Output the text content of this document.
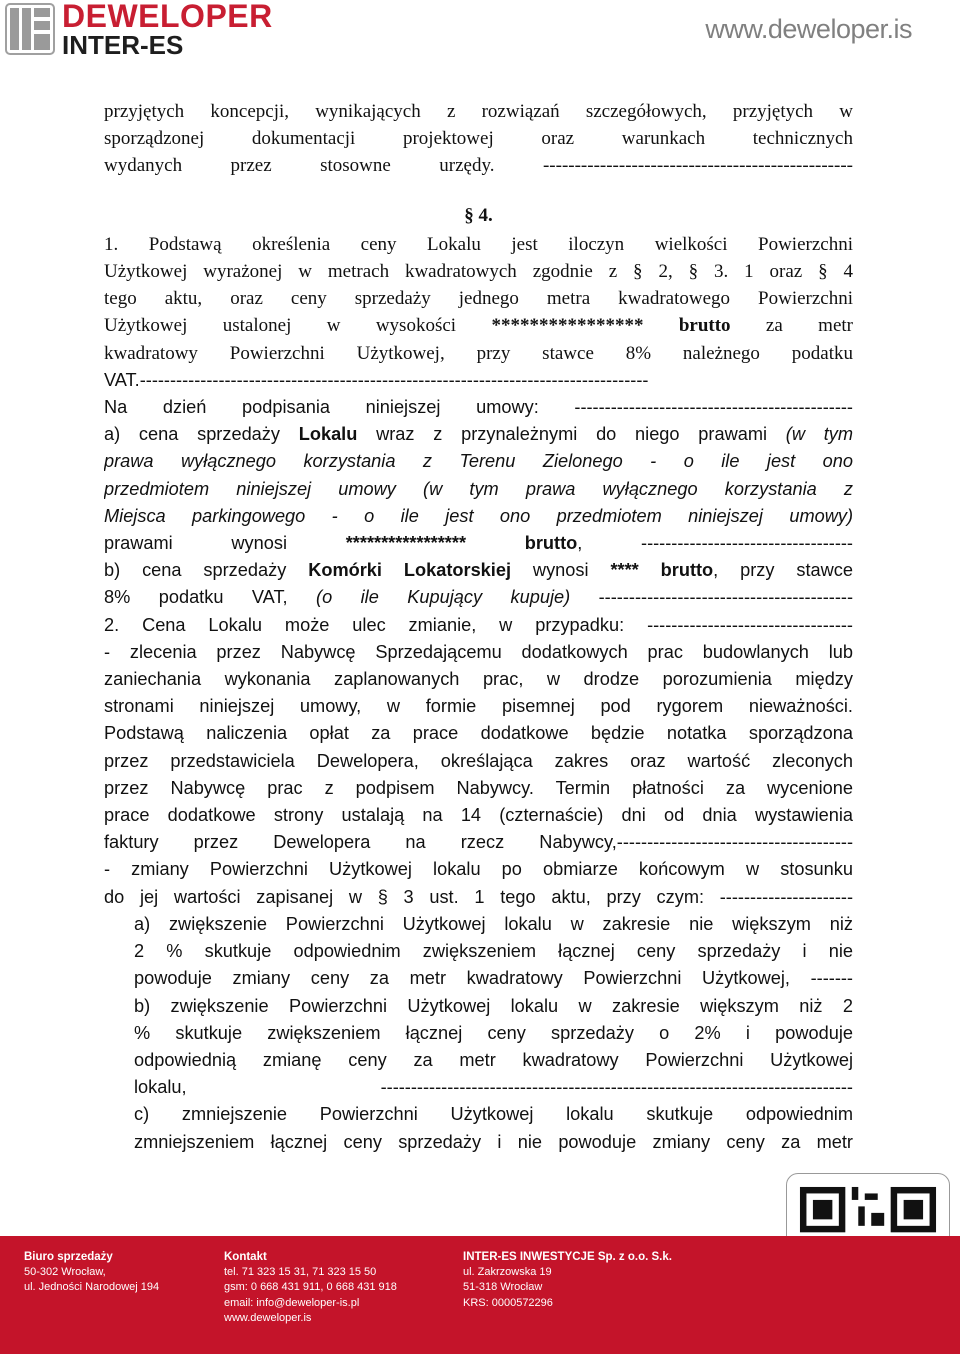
DEWELOPER
INTER-ES
www.deweloper.is

przyjętych koncepcji, wynikających z rozwiązań szczegółowych, przyjętych w

sporządzonej dokumentacji projektowej oraz warunkach technicznych

wydanych przez stosowne urzędy. -------------------------------------------------

§ 4.

1. Podstawą określenia ceny Lokalu jest iloczyn wielkości Powierzchni

Użytkowej wyrażonej w metrach kwadratowych zgodnie z § 2, § 3. 1 oraz § 4

tego aktu, oraz ceny sprzedaży jednego metra kwadratowego Powierzchni

Użytkowej ustalonej w wysokości **************** brutto za metr

kwadratowy Powierzchni Użytkowej, przy stawce 8% należnego podatku

VAT.------------------------------------------------------------------------------------

Na dzień podpisania niniejszej umowy: ----------------------------------------------

a) cena sprzedaży Lokalu wraz z przynależnymi do niego prawami (w tym

prawa wyłącznego korzystania z Terenu Zielonego - o ile jest ono

przedmiotem niniejszej umowy (w tym prawa wyłącznego korzystania z

Miejsca parkingowego - o ile jest ono przedmiotem niniejszej umowy)

prawami wynosi ***************** brutto, -----------------------------------

b) cena sprzedaży Komórki Lokatorskiej wynosi **** brutto, przy stawce

8% podatku VAT, (o ile Kupujący kupuje) ------------------------------------------

2. Cena Lokalu może ulec zmianie, w przypadku: ----------------------------------

- zlecenia przez Nabywcę Sprzedającemu dodatkowych prac budowlanych lub

zaniechania wykonania zaplanowanych prac, w drodze porozumienia między

stronami niniejszej umowy, w formie pisemnej pod rygorem nieważności.

Podstawą naliczenia opłat za prace dodatkowe będzie notatka sporządzona

przez przedstawiciela Dewelopera, określająca zakres oraz wartość zleconych

przez Nabywcę prac z podpisem Nabywcy. Termin płatności za wycenione

prace dodatkowe strony ustalają na 14 (czternaście) dni od dnia wystawienia

faktury przez Dewelopera na rzecz Nabywcy,---------------------------------------

- zmiany Powierzchni Użytkowej lokalu po obmiarze końcowym w stosunku

do jej wartości zapisanej w § 3 ust. 1 tego aktu, przy czym: ----------------------

a) zwiększenie Powierzchni Użytkowej lokalu w zakresie nie większym niż

2 % skutkuje odpowiednim zwiększeniem łącznej ceny sprzedaży i nie

powoduje zmiany ceny za metr kwadratowy Powierzchni Użytkowej, -------

b) zwiększenie Powierzchni Użytkowej lokalu w zakresie większym niż 2

% skutkuje zwiększeniem łącznej ceny sprzedaży o 2% i powoduje

odpowiednią zmianę ceny za metr kwadratowy Powierzchni Użytkowej

lokalu, ------------------------------------------------------------------------------

c) zmniejszenie Powierzchni Użytkowej lokalu skutkuje odpowiednim

zmniejszeniem łącznej ceny sprzedaży i nie powoduje zmiany ceny za metr

Biuro sprzedaży
50-302 Wrocław,
ul. Jedności Narodowej 194
Kontakt
tel. 71 323 15 31, 71 323 15 50
gsm: 0 668 431 911, 0 668 431 918
email: info@deweloper-is.pl
www.deweloper.is
INTER-ES INWESTYCJE Sp. z o.o. S.k.
ul. Zakrzowska 19
51-318 Wrocław
KRS: 0000572296
